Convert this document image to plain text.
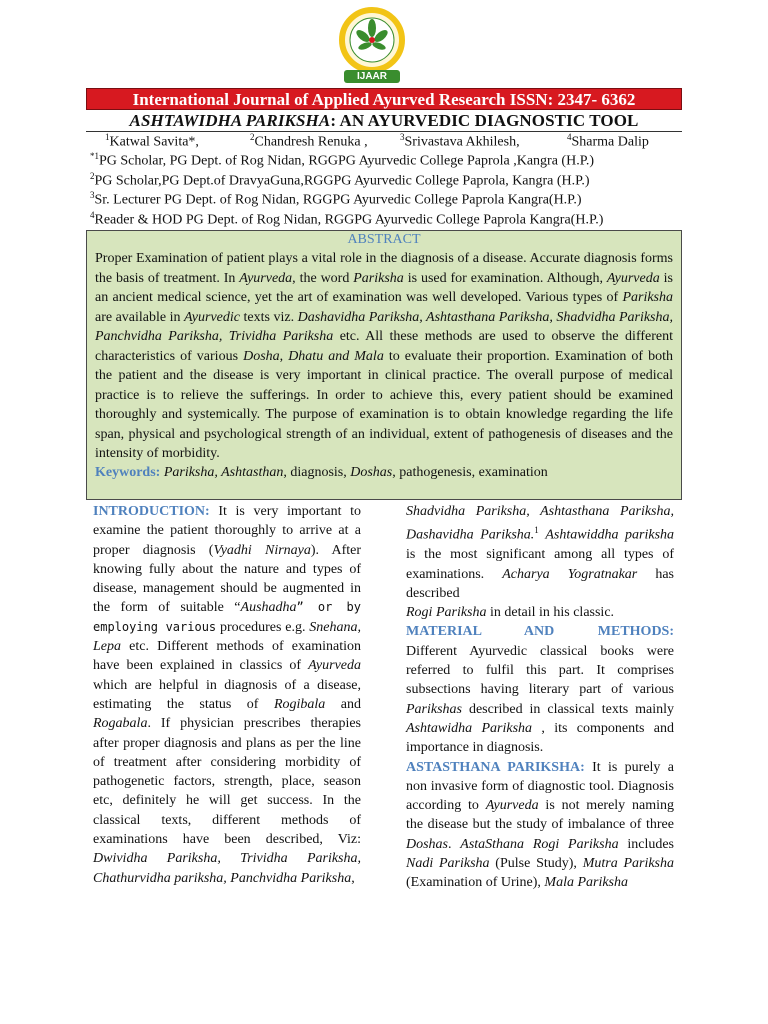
IJAAR
International Journal of Applied Ayurved Research ISSN: 2347- 6362
ASHTAWIDHA PARIKSHA: AN AYURVEDIC DIAGNOSTIC TOOL
$^1$Katwal Savita*,	$^2$Chandresh Renuka ,	$^3$Srivastava Akhilesh,	$^4$Sharma Dalip
$^{*1}$PG Scholar, PG Dept. of Rog Nidan, RGGPG Ayurvedic College Paprola ,Kangra (H.P.)
$^2$PG Scholar,PG Dept.of DravyaGuna,RGGPG Ayurvedic College Paprola, Kangra (H.P.)
$^3$Sr. Lecturer PG Dept. of Rog Nidan, RGGPG Ayurvedic College Paprola Kangra(H.P.)
$^4$Reader & HOD PG Dept. of Rog Nidan, RGGPG Ayurvedic College Paprola Kangra(H.P.)
ABSTRACT

Proper Examination of patient plays a vital role in the diagnosis of a disease. Accurate diagnosis forms the basis of treatment. In Ayurveda, the word Pariksha is used for examination. Although, Ayurveda is an ancient medical science, yet the art of examination was well developed. Various types of Pariksha are available in Ayurvedic texts viz. Dashavidha Pariksha, Ashtasthana Pariksha, Shadvidha Pariksha, Panchvidha Pariksha, Trividha Pariksha etc. All these methods are used to observe the different characteristics of various Dosha, Dhatu and Mala to evaluate their proportion. Examination of both the patient and the disease is very important in clinical practice. The overall purpose of medical practice is to relieve the sufferings. In order to achieve this, every patient should be examined thoroughly and systemically. The purpose of examination is to obtain knowledge regarding the life span, physical and psychological strength of an individual, extent of pathogenesis of diseases and the intensity of morbidity.

Keywords: Pariksha, Ashtasthan, diagnosis, Doshas, pathogenesis, examination

INTRODUCTION: It is very important to examine the patient thoroughly to arrive at a proper diagnosis (Vyadhi Nirnaya). After knowing fully about the nature and types of disease, management should be augmented in the form of suitable “Aushadha” or by employing various procedures e.g. Snehana, Lepa etc. Different methods of examination have been explained in classics of Ayurveda which are helpful in diagnosis of a disease, estimating the status of Rogibala and Rogabala. If physician prescribes therapies after proper diagnosis and plans as per the line of treatment after considering morbidity of pathogenetic factors, strength, place, season etc, definitely he will get success. In the classical texts, different methods of examinations have been described, Viz: Dwividha Pariksha, Trividha Pariksha, Chathurvidha pariksha, Panchvidha Pariksha,

Shadvidha Pariksha, Ashtasthana Pariksha, Dashavidha Pariksha.$^1$ Ashtawiddha pariksha is the most significant among all types of examinations. Acharya Yogratnakar has described

Rogi Pariksha in detail in his classic.

MATERIAL AND METHODS:

Different Ayurvedic classical books were referred to fulfil this part. It comprises subsections having literary part of various Parikshas described in classical texts mainly Ashtawidha Pariksha , its components and importance in diagnosis.

ASTASTHANA PARIKSHA: It is purely a non invasive form of diagnostic tool. Diagnosis according to Ayurveda is not merely naming the disease but the study of imbalance of three Doshas. AstaSthana Rogi Pariksha includes Nadi Pariksha (Pulse Study), Mutra Pariksha (Examination of Urine), Mala Pariksha
